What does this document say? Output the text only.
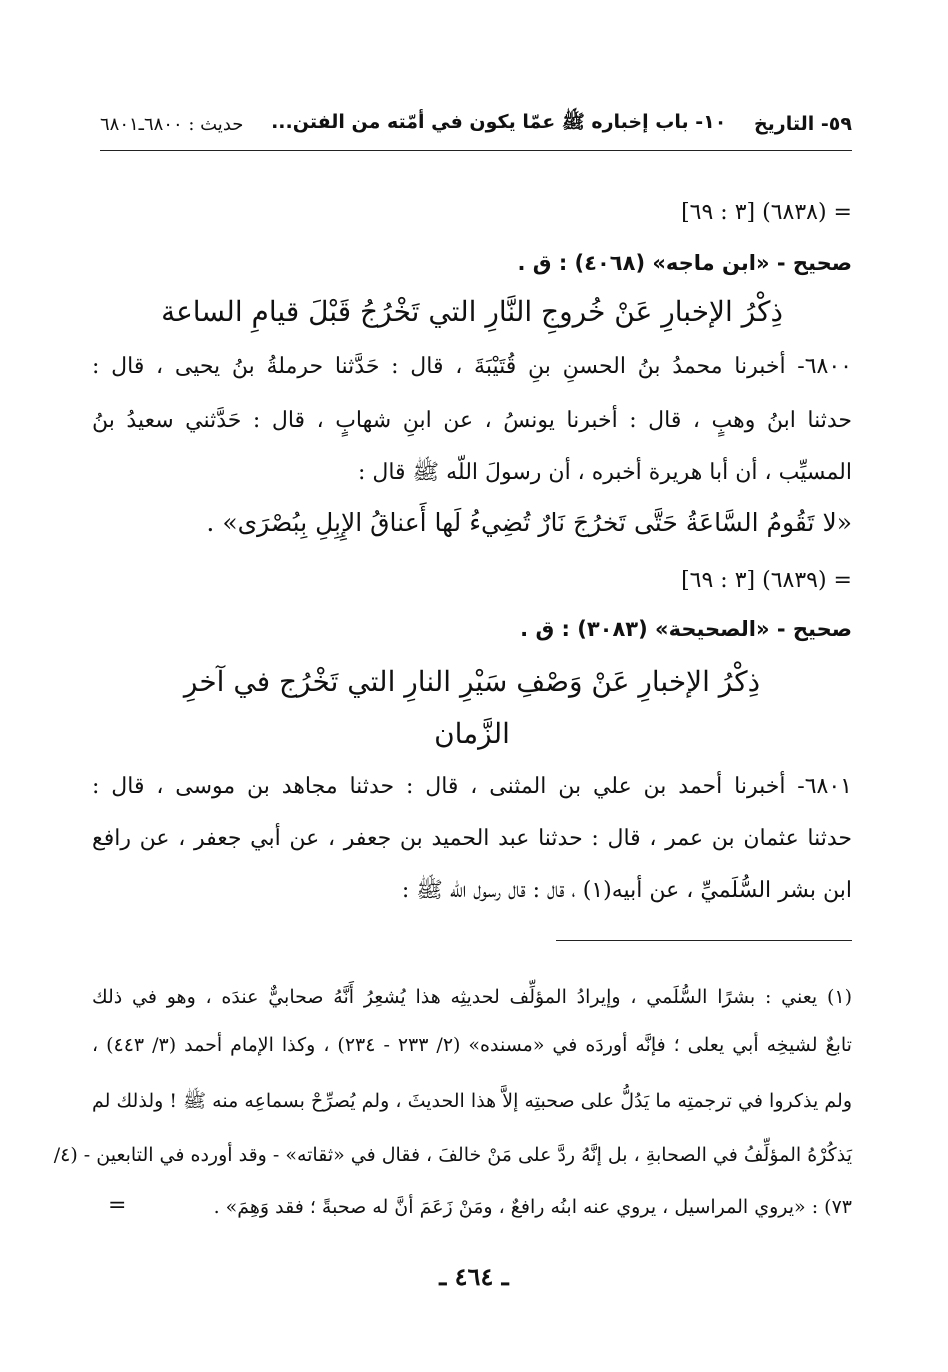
٥٩- التاريخ
١٠- باب إخباره ﷺ عمّا يكون في أمّته من الفتن...
حديث : ٦٨٠٠ـ٦٨٠١
= (٦٨٣٨) [٣ : ٦٩]
صحيح - «ابن ماجه» (٤٠٦٨) : ق .
ذِكْرُ الإخبارِ عَنْ خُروجِ النَّارِ التي تَخْرُجُ قَبْلَ قيامِ الساعة
٦٨٠٠- أخبرنا محمدُ بنُ الحسنِ بنِ قُتَيْبَةَ ، قال : حَدَّثنا حرملةُ بنُ يحيى ، قال :
حدثنا ابنُ وهبٍ ، قال : أخبرنا يونسُ ، عن ابنِ شهابٍ ، قال : حَدَّثني سعيدُ بنُ
المسيِّب ، أن أبا هريرة أخبره ، أن رسولَ اللّه ﷺ قال :
«لا تَقُومُ السَّاعَةُ حَتَّى تَخرُجَ نَارٌ تُضِيءُ لَها أَعناقُ الإِبِلِ بِبُصْرَى» .
= (٦٨٣٩) [٣ : ٦٩]
صحيح - «الصحيحة» (٣٠٨٣) : ق .
ذِكْرُ الإخبارِ عَنْ وَصْفِ سَيْرِ النارِ التي تَخْرُج في آخرِ
الزَّمان
٦٨٠١- أخبرنا أحمد بن علي بن المثنى ، قال : حدثنا مجاهد بن موسى ، قال :
حدثنا عثمان بن عمر ، قال : حدثنا عبد الحميد بن جعفر ، عن أبي جعفر ، عن رافع
ابن بشر السُّلَميِّ ، عن أبيه(١) ، قال : قال رسول اللّه ﷺ :
(١) يعني : بشرًا السُّلَمي ، وإيرادُ المؤلِّف لحديثِه هذا يُشعِرُ أَنَّهُ صحابيٌّ عندَه ، وهو في ذلك
تابعٌ لشيخِه أبي يعلى ؛ فإنَّه أوردَه في «مسنده» (٢/ ٢٣٣ - ٢٣٤) ، وكذا الإمام أحمد (٣/ ٤٤٣) ،
ولم يذكروا في ترجمتِه ما يَدُلُّ على صحبتِه إلاَّ هذا الحديثَ ، ولم يُصرِّحْ بسماعِه منه ﷺ ! ولذلك لم
يَذكُرْهُ المؤلِّفُ في الصحابةِ ، بل إنَّهُ ردَّ على مَنْ خالفَ ، فقال في «ثقاته» - وقد أورده في التابعين - (٤/
٧٣) : «يروي المراسيل ، يروي عنه ابنُه رافعٌ ، ومَنْ زَعَمَ أنَّ له صحبةً ؛ فقد وَهِمَ» .
=
ـ ٤٦٤ ـ
